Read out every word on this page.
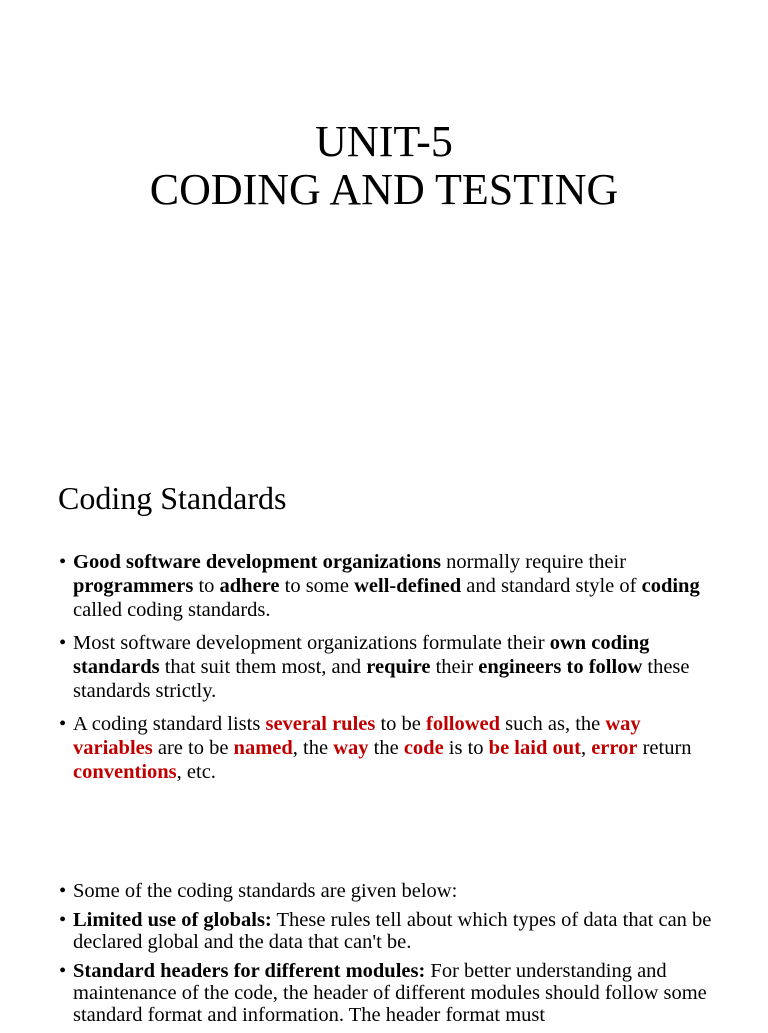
UNIT-5
CODING AND TESTING
Coding Standards
• Good software development organizations normally require their programmers to adhere to some well-defined and standard style of coding called coding standards.
• Most software development organizations formulate their own coding standards that suit them most, and require their engineers to follow these standards strictly.
• A coding standard lists several rules to be followed such as, the way variables are to be named, the way the code is to be laid out, error return conventions, etc.
• Some of the coding standards are given below:
• Limited use of globals: These rules tell about which types of data that can be declared global and the data that can't be.
• Standard headers for different modules: For better understanding and maintenance of the code, the header of different modules should follow some standard format and information. The header format must
